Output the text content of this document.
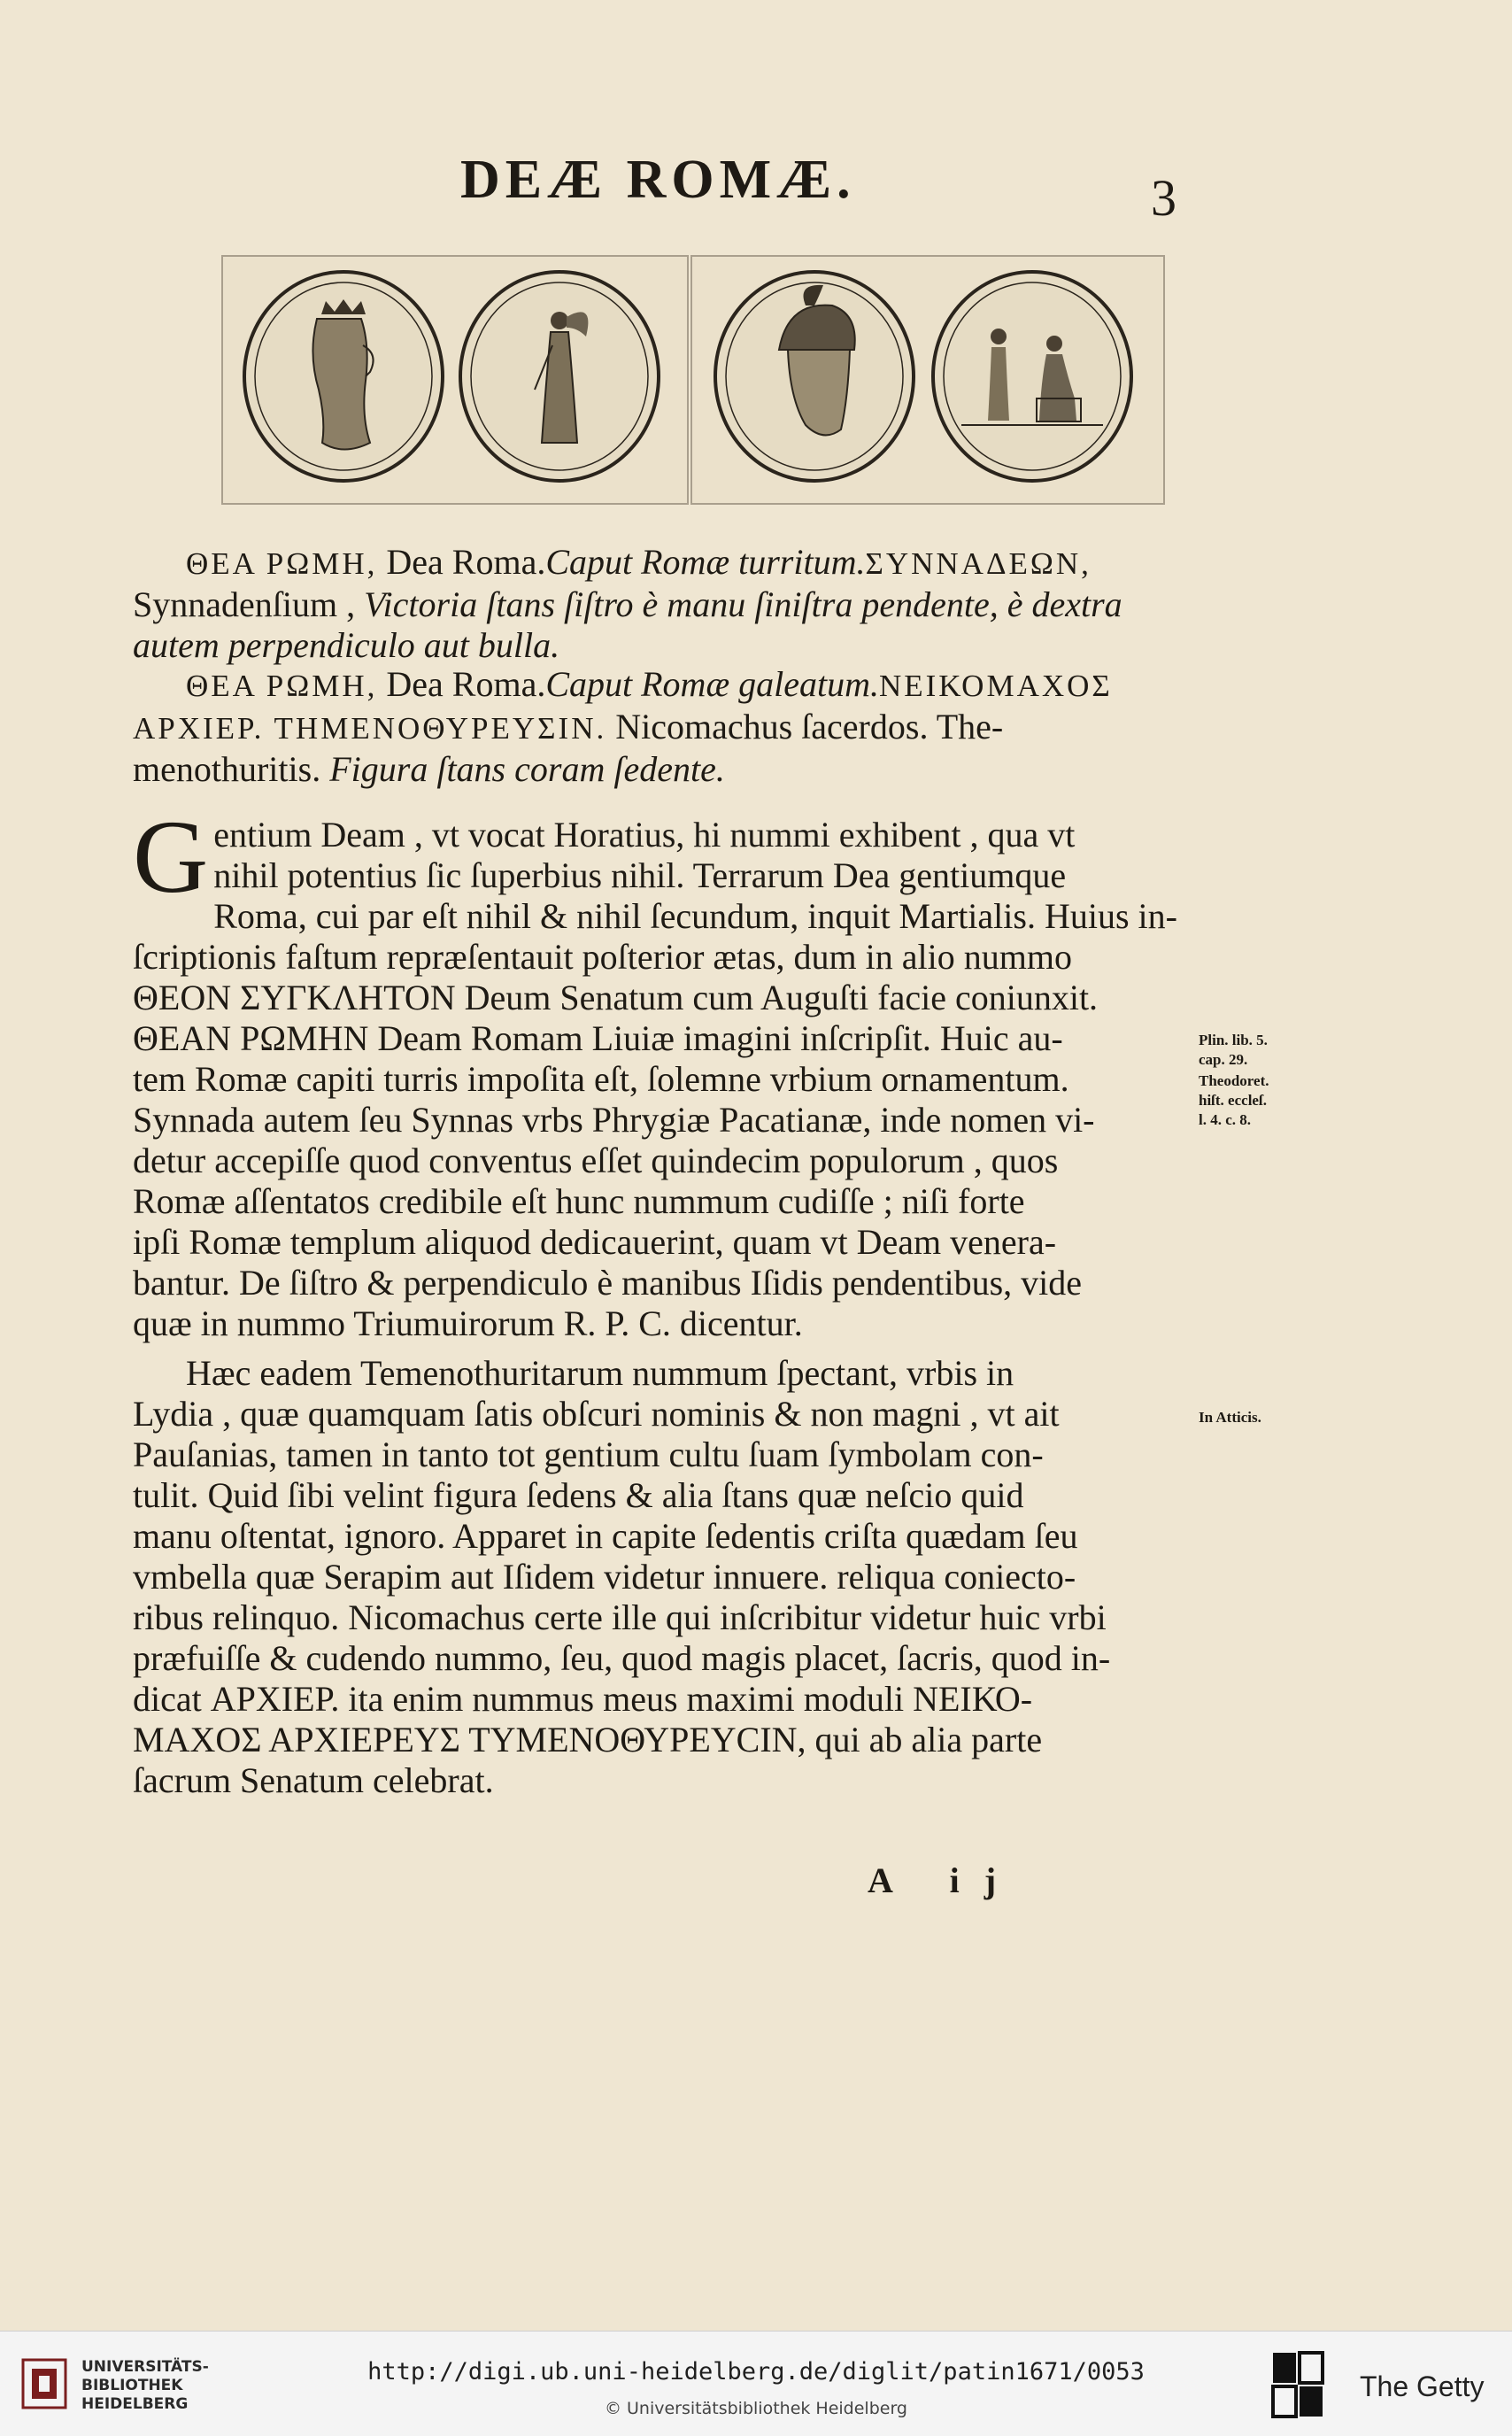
DEÆ ROMÆ.	3
ΘΕΑ ΡΩΜΗ, Dea Roma.Caput Romæ turritum.ΣΥΝΝΑΔΕΩΝ,
Synnadenſium , Victoria ſtans ſiſtro è manu ſiniſtra pendente, è dextra
autem perpendiculo aut bulla.
ΘΕΑ ΡΩΜΗ, Dea Roma.Caput Romæ galeatum.ΝΕΙΚΟΜΑΧΟΣ
ΑΡΧΙΕΡ. ΤΗΜΕΝΟΘΥΡΕΥΣΙΝ. Nicomachus ſacerdos. The-
menothuritis. Figura ſtans coram ſedente.
G entium Deam , vt vocat Horatius, hi nummi exhibent , qua vt
nihil potentius ſic ſuperbius nihil. Terrarum Dea gentiumque
Roma, cui par eſt nihil & nihil ſecundum, inquit Martialis. Huius in-
ſcriptionis faſtum repræſentauit poſterior ætas, dum in alio nummo
ΘΕΟΝ ΣΥΓΚΛΗΤΟΝ Deum Senatum cum Auguſti facie coniunxit.
ΘΕΑΝ ΡΩΜΗΝ Deam Romam Liuiæ imagini inſcripſit. Huic au-
tem Romæ capiti turris impoſita eſt, ſolemne vrbium ornamentum.
Synnada autem ſeu Synnas vrbs Phrygiæ Pacatianæ, inde nomen vi-
detur accepiſſe quod conventus eſſet quindecim populorum , quos
Romæ aſſentatos credibile eſt hunc nummum cudiſſe ; niſi forte
ipſi Romæ templum aliquod dedicauerint, quam vt Deam venera-
bantur. De ſiſtro & perpendiculo è manibus Iſidis pendentibus, vide
quæ in nummo Triumuirorum R. P. C. dicentur.
Hæc eadem Temenothuritarum nummum ſpectant, vrbis in
Lydia , quæ quamquam ſatis obſcuri nominis & non magni , vt ait
Pauſanias, tamen in tanto tot gentium cultu ſuam ſymbolam con-
tulit. Quid ſibi velint figura ſedens & alia ſtans quæ neſcio quid
manu oſtentat, ignoro. Apparet in capite ſedentis criſta quædam ſeu
vmbella quæ Serapim aut Iſidem videtur innuere. reliqua coniecto-
ribus relinquo. Nicomachus certe ille qui inſcribitur videtur huic vrbi
præfuiſſe & cudendo nummo, ſeu, quod magis placet, ſacris, quod in-
dicat ΑΡΧΙΕΡ. ita enim nummus meus maximi moduli ΝΕΙΚΟ-
ΜΑΧΟΣ ΑΡΧΙΕΡΕΥΣ ΤΥΜΕΝΟΘΥΡΕΥCΙΝ, qui ab alia parte
ſacrum Senatum celebrat.
Plin. lib. 5.
cap. 29.
Theodoret.
hiſt. eccleſ.
l. 4. c. 8.
In Atticis.
A ij
UNIVERSITÄTS-
BIBLIOTHEK
HEIDELBERG
http://digi.ub.uni-heidelberg.de/diglit/patin1671/0053
© Universitätsbibliothek Heidelberg
The Getty
